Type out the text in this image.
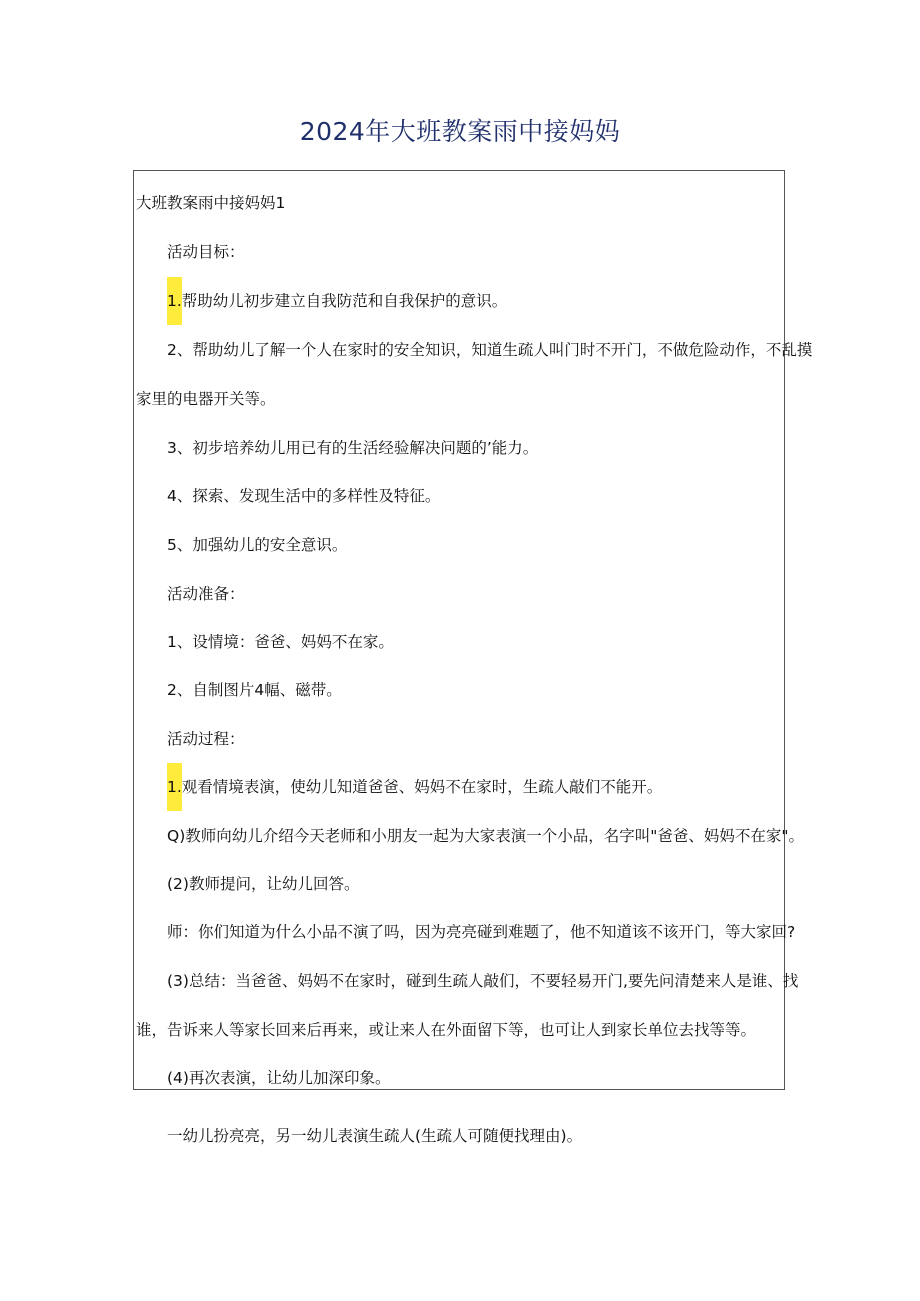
2024年大班教案雨中接妈妈
大班教案雨中接妈妈1
活动目标：
1.帮助幼儿初步建立自我防范和自我保护的意识。
2、帮助幼儿了解一个人在家时的安全知识，知道生疏人叫门时不开门，不做危险动作，不乱摸
家里的电器开关等。
3、初步培养幼儿用已有的生活经验解决问题的’能力。
4、探索、发现生活中的多样性及特征。
5、加强幼儿的安全意识。
活动准备：
1、设情境：爸爸、妈妈不在家。
2、自制图片4幅、磁带。
活动过程：
1.观看情境表演，使幼儿知道爸爸、妈妈不在家时，生疏人敲们不能开。
Q)教师向幼儿介绍今天老师和小朋友一起为大家表演一个小品，名字叫"爸爸、妈妈不在家"。
(2)教师提问，让幼儿回答。
师：你们知道为什么小品不演了吗，因为亮亮碰到难题了，他不知道该不该开门，等大家回?
(3)总结：当爸爸、妈妈不在家时，碰到生疏人敲们，不要轻易开门,要先问清楚来人是谁、找
谁，告诉来人等家长回来后再来，或让来人在外面留下等，也可让人到家长单位去找等等。
(4)再次表演，让幼儿加深印象。
一幼儿扮亮亮，另一幼儿表演生疏人(生疏人可随便找理由)。
